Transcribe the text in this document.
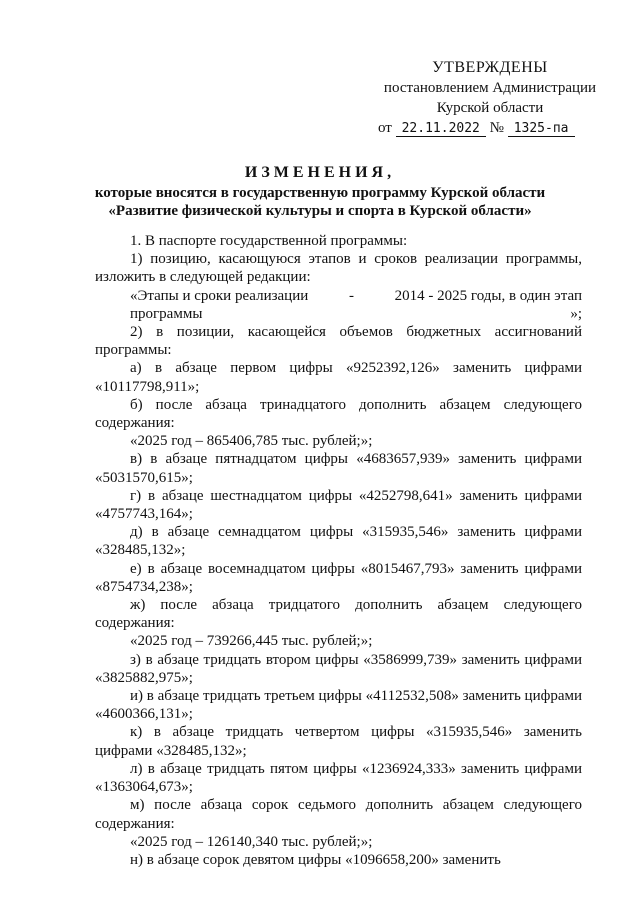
УТВЕРЖДЕНЫ
постановлением Администрации
Курской области
от 22.11.2022 № 1325-па
ИЗМЕНЕНИЯ,
которые вносятся в государственную программу Курской области
«Развитие физической культуры и спорта в Курской области»

1. В паспорте государственной программы:

1) позицию, касающуюся этапов и сроков реализации программы, изложить в следующей редакции:

«Этапы и сроки реализации	-	2014 - 2025 годы, в один этап
программы	»;

2) в позиции, касающейся объемов бюджетных ассигнований программы:

а) в абзаце первом цифры «9252392,126» заменить цифрами «10117798,911»;

б) после абзаца тринадцатого дополнить абзацем следующего содержания:

«2025 год – 865406,785 тыс. рублей;»;

в) в абзаце пятнадцатом цифры «4683657,939» заменить цифрами «5031570,615»;

г) в абзаце шестнадцатом цифры «4252798,641» заменить цифрами «4757743,164»;

д) в абзаце семнадцатом цифры «315935,546» заменить цифрами «328485,132»;

е) в абзаце восемнадцатом цифры «8015467,793» заменить цифрами «8754734,238»;

ж) после абзаца тридцатого дополнить абзацем следующего содержания:

«2025 год – 739266,445 тыс. рублей;»;

з) в абзаце тридцать втором цифры «3586999,739» заменить цифрами «3825882,975»;

и) в абзаце тридцать третьем цифры «4112532,508» заменить цифрами «4600366,131»;

к) в абзаце тридцать четвертом цифры «315935,546» заменить цифрами «328485,132»;

л) в абзаце тридцать пятом цифры «1236924,333» заменить цифрами «1363064,673»;

м) после абзаца сорок седьмого дополнить абзацем следующего содержания:

«2025 год – 126140,340 тыс. рублей;»;

н) в абзаце сорок девятом цифры «1096658,200» заменить
